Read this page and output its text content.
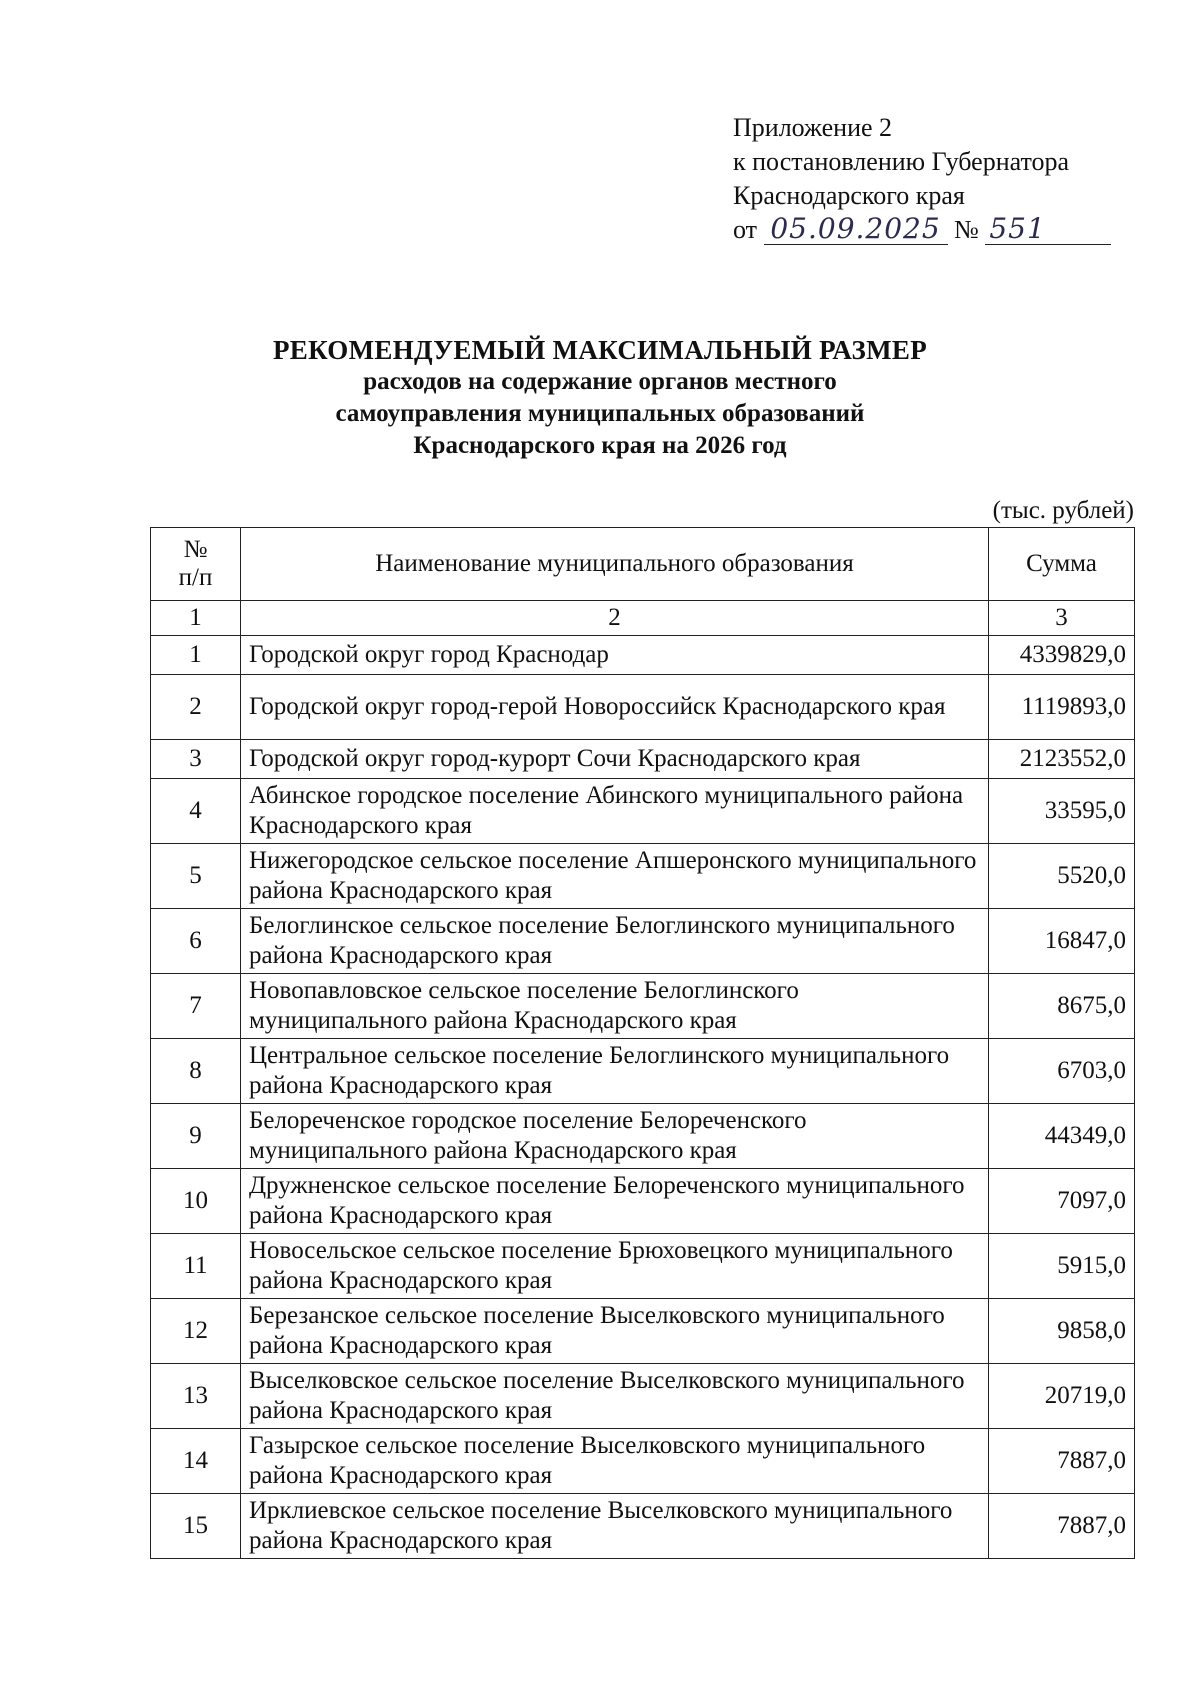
Приложение 2
к постановлению Губернатора
Краснодарского края
от 05.09.2025 № 551
РЕКОМЕНДУЕМЫЙ МАКСИМАЛЬНЫЙ РАЗМЕР
расходов на содержание органов местного
самоуправления муниципальных образований
Краснодарского края на 2026 год
(тыс. рублей)
№
п/п	Наименование муниципального образования	Сумма
1	2	3
1	Городской округ город Краснодар	4339829,0
2	Городской округ город-герой Новороссийск Краснодарского края	1119893,0
3	Городской округ город-курорт Сочи Краснодарского края	2123552,0
4	Абинское городское поселение Абинского муниципального района Краснодарского края	33595,0
5	Нижегородское сельское поселение Апшеронского муниципального района Краснодарского края	5520,0
6	Белоглинское сельское поселение Белоглинского муниципального района Краснодарского края	16847,0
7	Новопавловское сельское поселение Белоглинского муниципального района Краснодарского края	8675,0
8	Центральное сельское поселение Белоглинского муниципального района Краснодарского края	6703,0
9	Белореченское городское поселение Белореченского муниципального района Краснодарского края	44349,0
10	Дружненское сельское поселение Белореченского муниципального района Краснодарского края	7097,0
11	Новосельское сельское поселение Брюховецкого муниципального района Краснодарского края	5915,0
12	Березанское сельское поселение Выселковского муниципального района Краснодарского края	9858,0
13	Выселковское сельское поселение Выселковского муниципального района Краснодарского края	20719,0
14	Газырское сельское поселение Выселковского муниципального района Краснодарского края	7887,0
15	Ирклиевское сельское поселение Выселковского муниципального района Краснодарского края	7887,0
